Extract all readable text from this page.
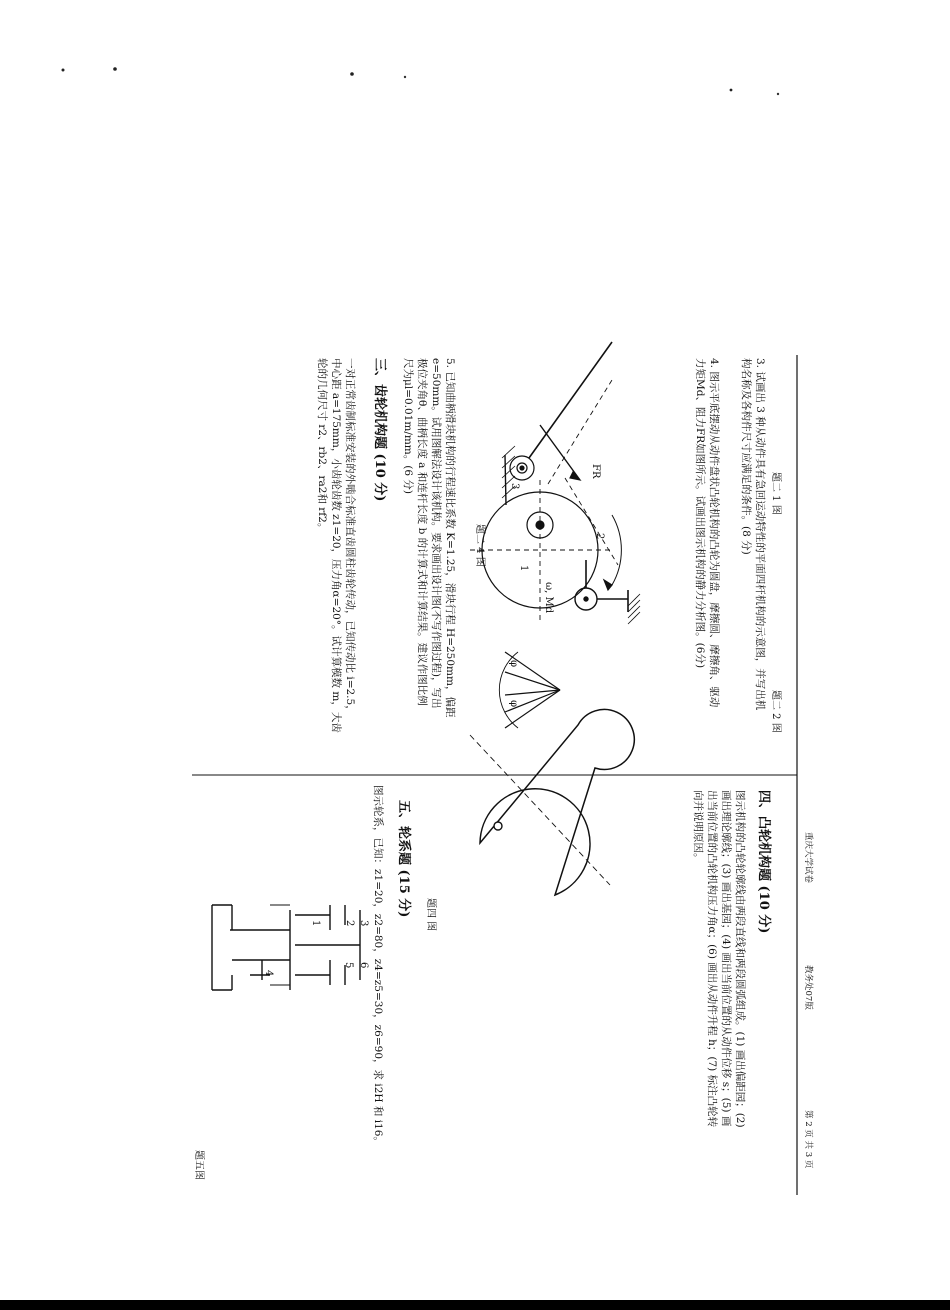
重庆大学试卷
教务处07版
第 2 页 共 3 页
题二 1 图
题二 2 图
3. 试画出 3 种从动件具有急回运动特性的平面四杆机构的示意图，并写出机
构名称及各构件尺寸应满足的条件。(8 分)
4. 图示平底摆动从动件盘状凸轮机构的凸轮为圆盘，摩擦圆、摩擦角、驱动
力矩Md、阻力FR如图所示。试画出图示机构的静力分析图。(6分)
FR
ω, Md
1
2
3
φ
φ
题二 4 图
5. 已知曲柄滑块机构的行程速比系数 K=1.25，滑块行程 H=250mm，偏距
e=50mm。试用图解法设计该机构。要求画出设计图(不写作图过程)，写出
极位夹角θ、曲柄长度 a 和连杆长度 b 的计算式和计算结果。建议作图比例
尺为μl=0.01m/mm。(6 分)
三、齿轮机构题 (10 分)
一对正常齿制标准安装的外啮合标准直齿圆柱齿轮传动，已知传动比 i=2.5，
中心距 a=175mm，小齿轮齿数 z1=20，压力角α=20°。试计算模数 m，大齿
轮的几何尺寸 r2、rb2、ra2和 rf2。
四、凸轮机构题 (10 分)
图示机构的凸轮轮廓线由两段直线和两段圆弧组成。(1) 画出偏距园；(2)
画出理论廓线；(3) 画出基园；(4) 画出当前位置的从动件位移 s；(5) 画
出当前位置的凸轮机构压力角α；(6) 画出从动件升程 h；(7) 标注凸轮转
向并说明原因。
题四 图
五、轮系题 (15 分)
图示轮系，已知：z1=20，z2=80，z4=z5=30，z6=90，求 i2H 和 i16。
3
2
1
6
5
4
题五图
